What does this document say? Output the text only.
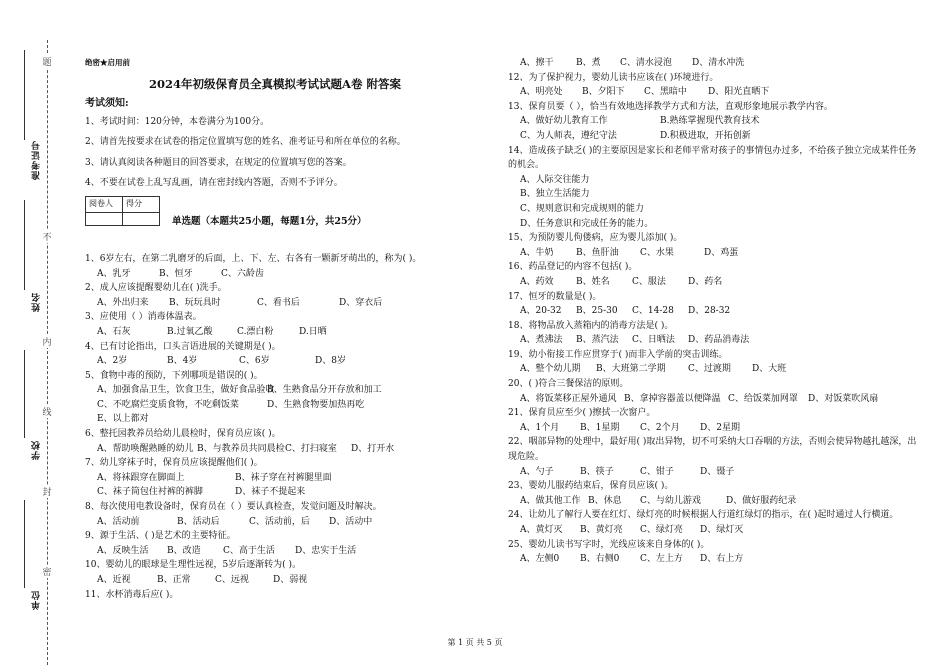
题
不
内
线
封
密
准考证号
姓名
学校
单位
绝密★启用前
2024年初级保育员全真模拟考试试题A卷 附答案
考试须知:

1、考试时间：120分钟，本卷满分为100分。

2、请首先按要求在试卷的指定位置填写您的姓名、准考证号和所在单位的名称。

3、请认真阅读各种题目的回答要求，在规定的位置填写您的答案。

4、不要在试卷上乱写乱画，请在密封线内答题，否则不予评分。

阅卷人	得分

1、6岁左右，在第二乳磨牙的后面，上、下、左、右各有一颗新牙萌出的，称为( )。
A、乳牙	B、恒牙	C、六龄齿
2、成人应该提醒婴幼儿在( )洗手。
A、外出归来	B、玩玩具时	C、看书后	D、穿衣后
3、应使用（ ）消毒体温表。
A、石灰	B.过氧乙酸	C.漂白粉	D.日晒
4、已有讨论指出，口头言语进展的关键期是( )。
A、2岁	B、4岁	C、6岁	D、8岁
5、食物中毒的预防，下列哪项是错误的( )。
A、加强食品卫生，饮食卫生，做好食品验收
B、生熟食品分开存放和加工
C、不吃腐烂变质食物，不吃剩饭菜	D、生熟食物要加热再吃
E、以上都对
6、整托园教养员给幼儿晨检时，保育员应该( )。
A、帮助唤醒熟睡的幼儿 B、与教养员共同晨检 C、打扫寝室	D、打开水
7、幼儿穿袜子时，保育员应该提醒他们( )。
A、将袜跟穿在脚面上	B、袜子穿在衬裤腿里面
C、袜子筒包住衬裤的裤脚	D、袜子不提起来
8、每次使用电教设备时，保育员在（ ）要认真检查，发觉问题及时解决。
A、活动前	B、活动后	C、活动前，后	D、活动中
9、源于生活、( )是艺术的主要特征。
A、反映生活	B、改造	C、高于生活	D、忠实于生活
10、婴幼儿的眼球是生理性远视，5岁后逐渐转为( )。
A、近视	B、正常	C、远视	D、弱视
11、水杯消毒后应( )。
单选题（本题共25小题，每题1分，共25分）
A、擦干	B、煮	C、清水浸泡	D、清水冲洗
12、为了保护视力，婴幼儿读书应该在( )环境进行。
A、明亮处	B、夕阳下	C、黑暗中	D、阳光直晒下
13、保育员要（ ），恰当有效地选择教学方式和方法，直观形象地展示教学内容。
A、做好幼儿教育工作	B.熟练掌握现代教育技术
C、为人师表，遵纪守法	D.积极进取，开拓创新
14、造成孩子缺乏( )的主要原因是家长和老师平常对孩子的事情包办过多，不给孩子独立完成某件任务的机会。
A、人际交往能力
B、独立生活能力
C、规则意识和完成规则的能力
D、任务意识和完成任务的能力。
15、为预防婴儿佝偻病，应为婴儿添加( )。
A、牛奶	B、鱼肝油	C、水果	D、鸡蛋
16、药品登记的内容不包括( )。
A、药效	B、姓名	C、服法	D、药名
17、恒牙的数量是( )。
A、20-32	B、25-30	C、14-28	D、28-32
18、将物品放入蒸箱内的消毒方法是( )。
A、煮沸法	B、蒸汽法	C、日晒法	D、药品消毒法
19、幼小衔接工作应贯穿于( )而非入学前的突击训练。
A、整个幼儿期	B、大班第二学期	C、过渡期	D、大班
20、( )符合三餐保洁的原则。
A、将饭菜移正屋外通风 B、拿掉容器盖以便降温 C、给饭菜加网罩	D、对饭菜吹风扇
21、保育员应至少( )擦拭一次窗户。
A、1个月	B、1星期	C、2个月	D、2星期
22、咽部异物的处理中，最好用( )取出异物，切不可采纳大口吞咽的方法，否则会使异物越扎越深，出现危险。
A、勺子	B、筷子	C、钳子	D、镊子
23、婴幼儿服药结束后，保育员应该( )。
A、做其他工作 B、休息	C、与幼儿游戏	D、做好服药纪录
24、让幼儿了解行人要在红灯、绿灯亮的时候根据人行道红绿灯的指示，在( )起时通过人行横道。
A、黄灯灭	B、黄灯亮	C、绿灯亮	D、绿灯灭
25、婴幼儿读书写字时，光线应该来自身体的( )。
A、左侧0	B、右侧0	C、左上方	D、右上方
第 1 页 共 5 页
